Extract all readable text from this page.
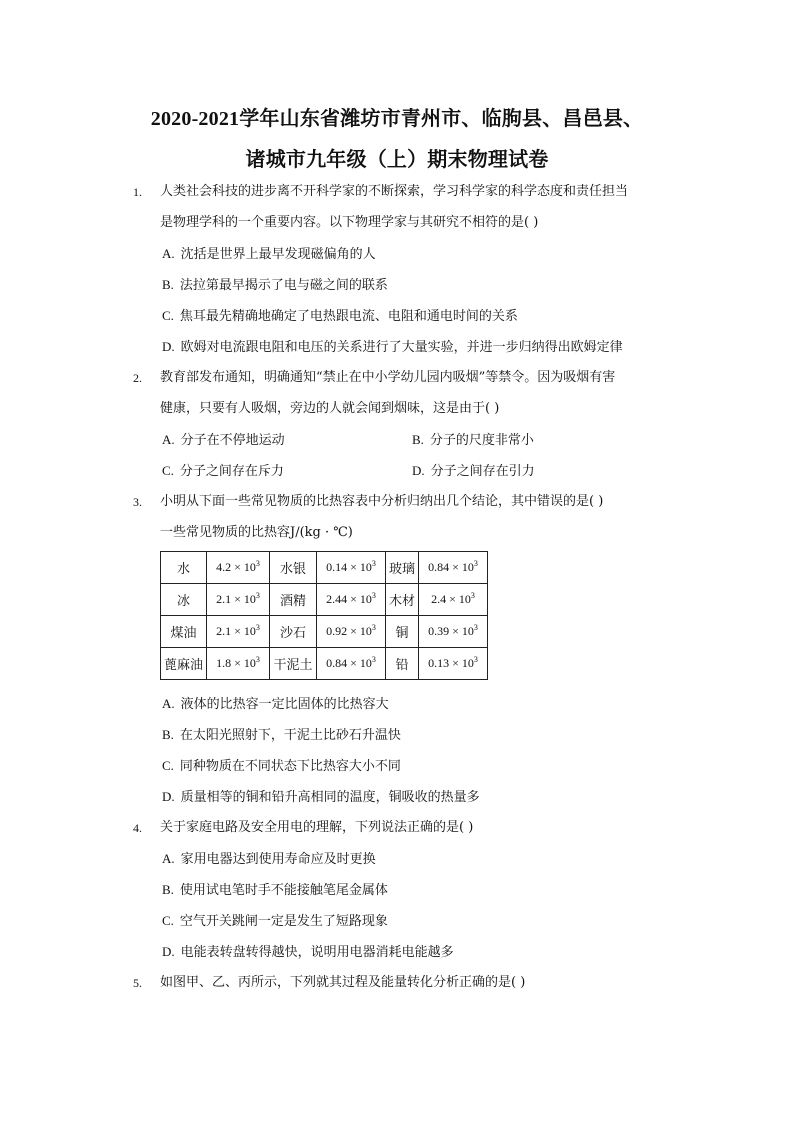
2020-2021学年山东省潍坊市青州市、临朐县、昌邑县、
诸城市九年级（上）期末物理试卷
1. 人类社会科技的进步离不开科学家的不断探索，学习科学家的科学态度和责任担当
是物理学科的一个重要内容。以下物理学家与其研究不相符的是( )
A. 沈括是世界上最早发现磁偏角的人
B. 法拉第最早揭示了电与磁之间的联系
C. 焦耳最先精确地确定了电热跟电流、电阻和通电时间的关系
D. 欧姆对电流跟电阻和电压的关系进行了大量实验，并进一步归纳得出欧姆定律
2. 教育部发布通知，明确通知“禁止在中小学幼儿园内吸烟”等禁令。因为吸烟有害
健康，只要有人吸烟，旁边的人就会闻到烟味，这是由于( )
A. 分子在不停地运动	B. 分子的尺度非常小
C. 分子之间存在斥力	D. 分子之间存在引力
3. 小明从下面一些常见物质的比热容表中分析归纳出几个结论，其中错误的是( )
一些常见物质的比热容J/(kg · ℃)
水	$4.2 \times 10^3$	水银	$0.14 \times 10^3$	玻璃	$0.84 \times 10^3$
冰	$2.1 \times 10^3$	酒精	$2.44 \times 10^3$	木材	$2.4 \times 10^3$
煤油	$2.1 \times 10^3$	沙石	$0.92 \times 10^3$	铜	$0.39 \times 10^3$
蓖麻油	$1.8 \times 10^3$	干泥土	$0.84 \times 10^3$	铅	$0.13 \times 10^3$
A. 液体的比热容一定比固体的比热容大
B. 在太阳光照射下，干泥土比砂石升温快
C. 同种物质在不同状态下比热容大小不同
D. 质量相等的铜和铅升高相同的温度，铜吸收的热量多
4. 关于家庭电路及安全用电的理解，下列说法正确的是( )
A. 家用电器达到使用寿命应及时更换
B. 使用试电笔时手不能接触笔尾金属体
C. 空气开关跳闸一定是发生了短路现象
D. 电能表转盘转得越快，说明用电器消耗电能越多
5. 如图甲、乙、丙所示，下列就其过程及能量转化分析正确的是( )
